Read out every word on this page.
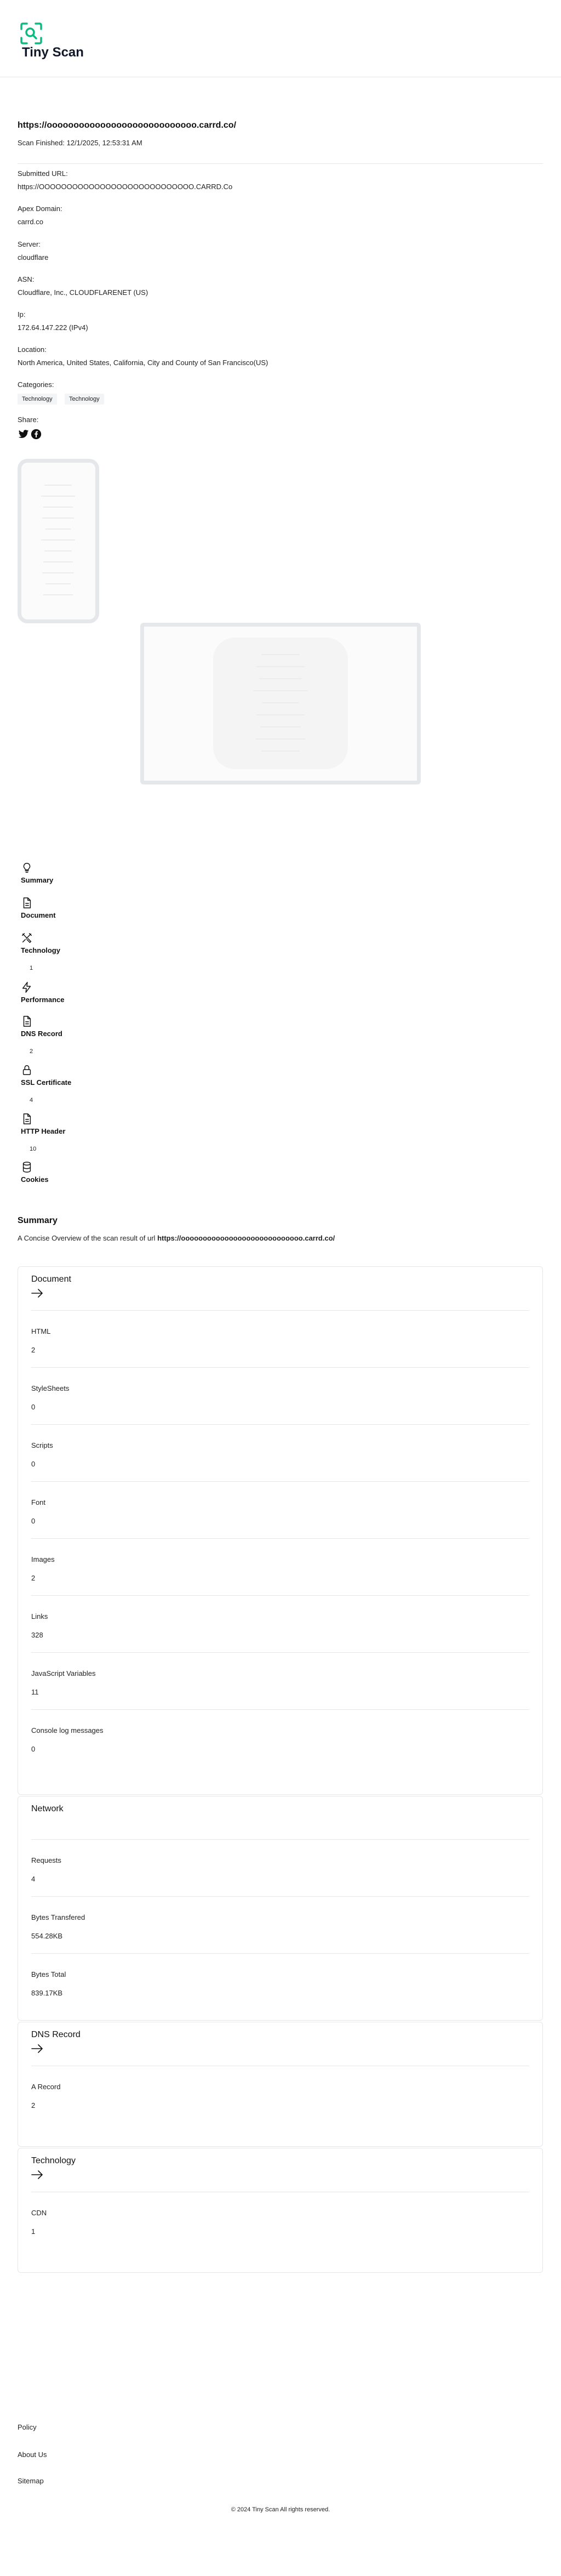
Tiny Scan
https://oooooooooooooooooooooooooooo.carrd.co/
Scan Finished: 12/1/2025, 12:53:31 AM
Submitted URL:
https://OOOOOOOOOOOOOOOOOOOOOOOOOOOO.CARRD.Co
Apex Domain:
carrd.co
Server:
cloudflare
ASN:
Cloudflare, Inc., CLOUDFLARENET (US)
Ip:
172.64.147.222 (IPv4)
Location:
North America, United States, California, City and County of San Francisco(US)
Categories:
Technology	Technology
Share:
Summary
Document
Technology
1
Performance
DNS Record
2
SSL Certificate
4
HTTP Header
10
Cookies
Summary
A Concise Overview of the scan result of url https://oooooooooooooooooooooooooooo.carrd.co/
Document
HTML
2
StyleSheets
0
Scripts
0
Font
0
Images
2
Links
328
JavaScript Variables
11
Console log messages
0
Network
Requests
4
Bytes Transfered
554.28KB
Bytes Total
839.17KB
DNS Record
A Record
2
Technology
CDN
1
Policy
About Us
Sitemap
© 2024 Tiny Scan All rights reserved.
